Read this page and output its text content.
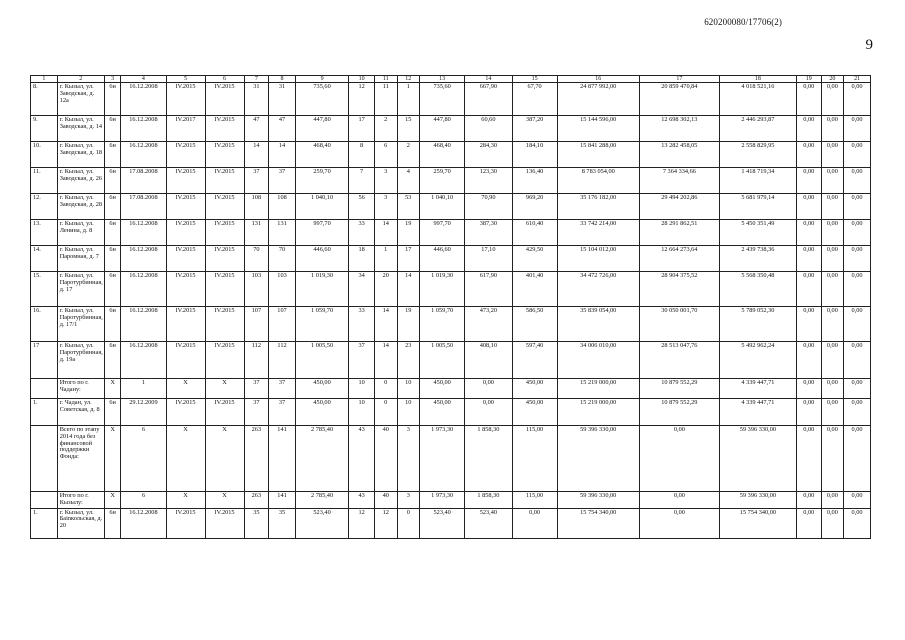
620200080/17706(2)
9
1	2	3	4	5	6	7	8	9	10	11	12	13	14	15	16	17	18	19	20	21
8.	г. Кызыл, ул. Заводская, д. 12а	6н	16.12.2008	IV.2015	IV.2015	31	31	735,60	12	11	1	735,60	667,90	67,70	24 877 992,00	20 859 470,84	4 018 521,16	0,00	0,00	0,00
9.	г. Кызыл, ул. Заводская, д. 14	6н	16.12.2008	IV.2017	IV.2015	47	47	447,80	17	2	15	447,80	60,60	387,20	15 144 596,00	12 698 302,13	2 446 293,87	0,00	0,00	0,00
10.	г. Кызыл, ул. Заводская, д. 18	6н	16.12.2008	IV.2015	IV.2015	14	14	468,40	8	6	2	468,40	284,30	184,10	15 841 288,00	13 282 458,05	2 558 829,95	0,00	0,00	0,00
11.	г. Кызыл, ул. Заводская, д. 26	6н	17.08.2008	IV.2015	IV.2015	37	37	259,70	7	3	4	259,70	123,30	136,40	8 783 054,00	7 364 334,66	1 418 719,34	0,00	0,00	0,00
12.	г. Кызыл, ул. Заводская, д. 28	6н	17.08.2008	IV.2015	IV.2015	108	108	1 040,10	56	3	53	1 040,10	70,90	969,20	35 176 182,00	29 494 202,86	5 681 979,14	0,00	0,00	0,00
13.	г. Кызыл, ул. Ленина, д. 8	6н	16.12.2008	IV.2015	IV.2015	131	131	997,70	33	14	19	997,70	387,30	610,40	33 742 214,00	28 291 862,51	5 450 351,49	0,00	0,00	0,00
14.	г. Кызыл, ул. Паромная, д. 7	6н	16.12.2008	IV.2015	IV.2015	70	70	446,60	18	1	17	446,60	17,10	429,50	15 104 012,00	12 664 273,64	2 439 738,36	0,00	0,00	0,00
15.	г. Кызыл, ул. Паротурбинная, д. 17	6н	16.12.2008	IV.2015	IV.2015	103	103	1 019,30	34	20	14	1 019,30	617,90	401,40	34 472 726,00	28 904 375,52	5 568 350,48	0,00	0,00	0,00
16.	г. Кызыл, ул. Паротурбинная, д. 17/1	6н	16.12.2008	IV.2015	IV.2015	107	107	1 059,70	33	14	19	1 059,70	473,20	586,50	35 839 054,00	30 050 001,70	5 789 052,30	0,00	0,00	0,00
17	г. Кызыл, ул. Паротурбинная, д. 19а	6н	16.12.2008	IV.2015	IV.2015	112	112	1 005,50	37	14	23	1 005,50	408,10	597,40	34 006 010,00	28 513 047,76	5 492 962,24	0,00	0,00	0,00
	Итого по г. Чадану:	X	1	X	X	37	37	450,00	10	0	10	450,00	0,00	450,00	15 219 000,00	10 879 552,29	4 339 447,71	0,00	0,00	0,00
1.	г. Чадан, ул. Советская, д. 8	6н	29.12.2009	IV.2015	IV.2015	37	37	450,00	10	0	10	450,00	0,00	450,00	15 219 000,00	10 879 552,29	4 339 447,71	0,00	0,00	0,00
	Всего по этапу 2014 года без финансовой поддержки Фонда:	X	6	X	X	263	141	2 785,40	43	40	3	1 973,30	1 858,30	115,00	59 396 330,00	0,00	59 396 330,00	0,00	0,00	0,00
	Итого по г. Кызылу:	X	6	X	X	263	141	2 785,40	43	40	3	1 973,30	1 858,30	115,00	59 396 330,00	0,00	59 396 330,00	0,00	0,00	0,00
1.	г. Кызыл, ул. Бainкольская, д. 20	6н	16.12.2008	IV.2015	IV.2015	35	35	523,40	12	12	0	523,40	523,40	0,00	15 754 340,00	0,00	15 754 340,00	0,00	0,00	0,00
